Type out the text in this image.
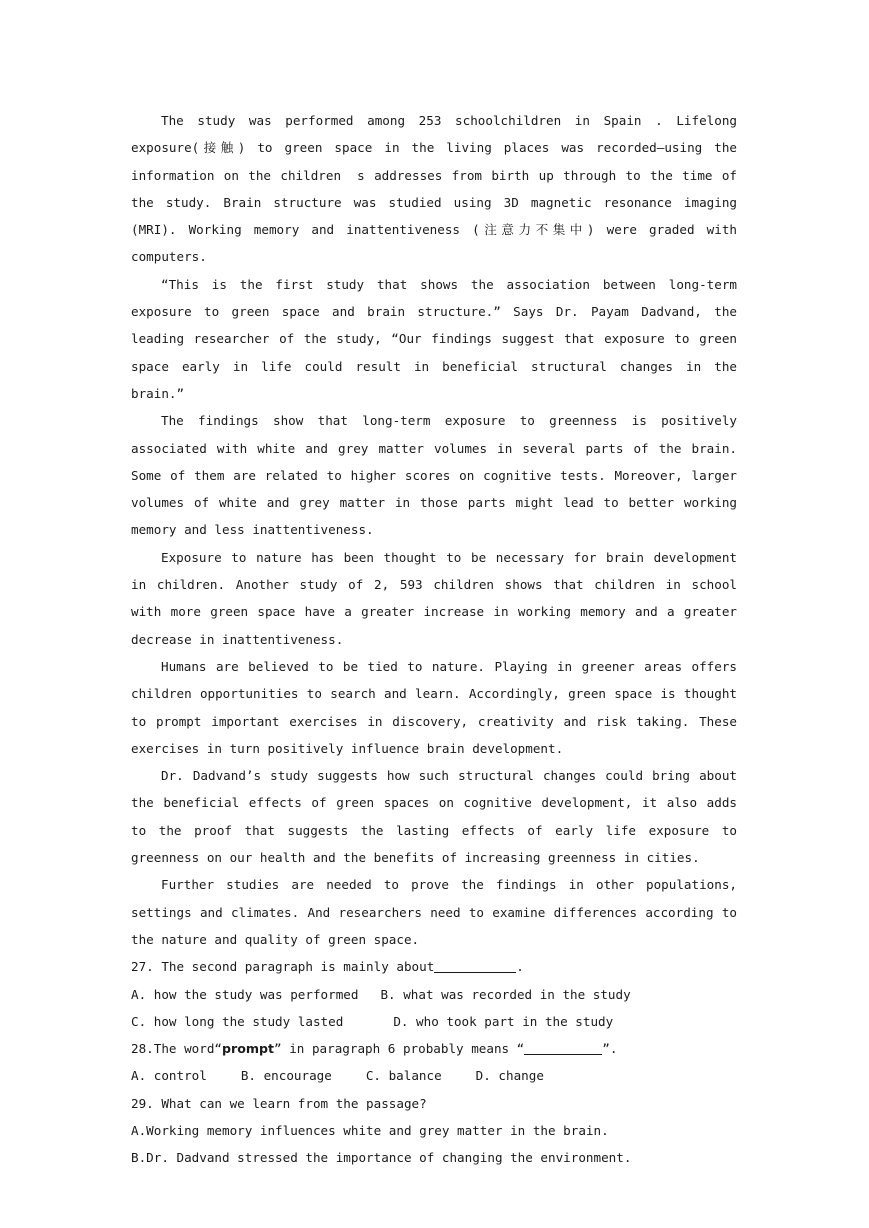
The study was performed among 253 schoolchildren in Spain . Lifelong exposure(接触) to green space in the living places was recorded—using the information on the children　s addresses from birth up through to the time of the study. Brain structure was studied using 3D magnetic resonance imaging (MRI). Working memory and inattentiveness (注意力不集中) were graded with computers.

“This is the first study that shows the association between long-term exposure to green space and brain structure.” Says Dr. Payam Dadvand, the leading researcher of the study, “Our findings suggest that exposure to green space early in life could result in beneficial structural changes in the brain.”

The findings show that long-term exposure to greenness is positively associated with white and grey matter volumes in several parts of the brain. Some of them are related to higher scores on cognitive tests. Moreover, larger volumes of white and grey matter in those parts might lead to better working memory and less inattentiveness.

Exposure to nature has been thought to be necessary for brain development in children. Another study of 2, 593 children shows that children in school with more green space have a greater increase in working memory and a greater decrease in inattentiveness.

Humans are believed to be tied to nature. Playing in greener areas offers children opportunities to search and learn. Accordingly, green space is thought to prompt important exercises in discovery, creativity and risk taking. These exercises in turn positively influence brain development.

Dr. Dadvand’s study suggests how such structural changes could bring about the beneficial effects of green spaces on cognitive development, it also adds to the proof that suggests the lasting effects of early life exposure to greenness on our health and the benefits of increasing greenness in cities.

Further studies are needed to prove the findings in other populations, settings and climates. And researchers need to examine differences according to the nature and quality of green space.

27. The second paragraph is mainly about	.

A. how the study was performed B. what was recorded in the study

C. how long the study lasted	D. who took part in the study

28.The word“prompt” in paragraph 6 probably means “	”.

A. control	B. encourage	C. balance	D. change

29. What can we learn from the passage?

A.Working memory influences white and grey matter in the brain.

B.Dr. Dadvand stressed the importance of changing the environment.
